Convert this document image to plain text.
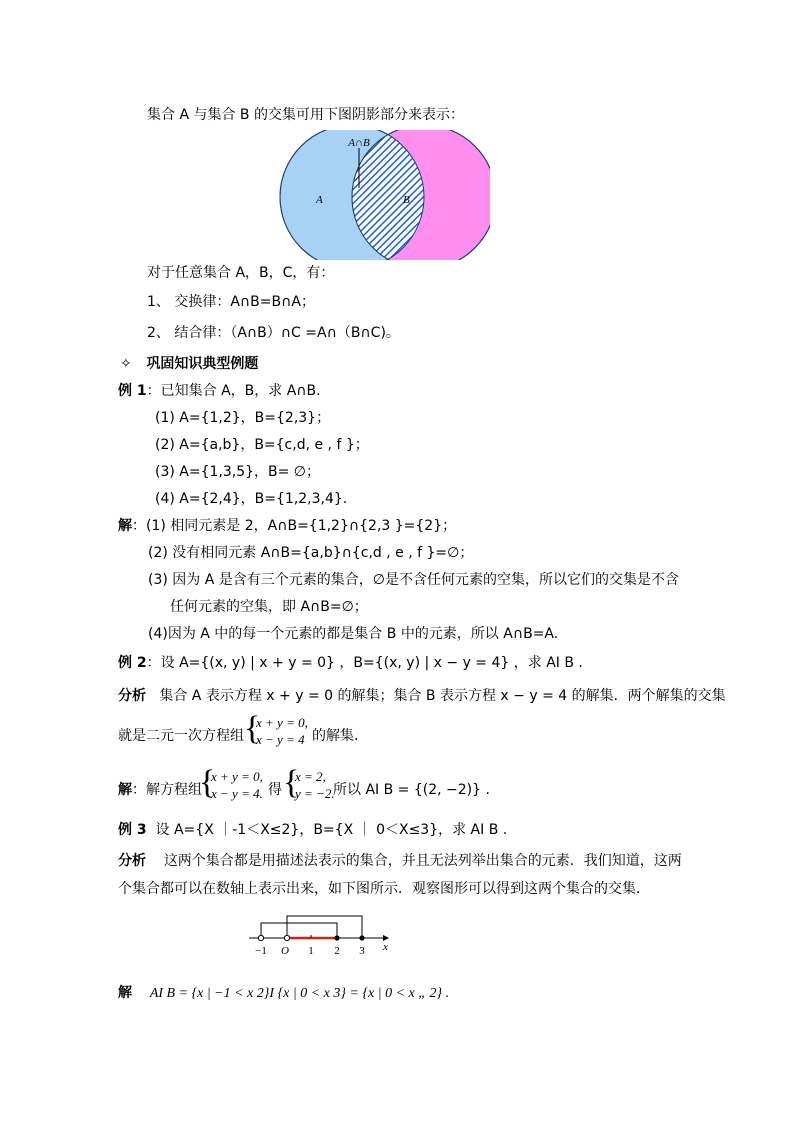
集合 A 与集合 B 的交集可用下图阴影部分来表示：
A∩B
A	B
对于任意集合 A，B，C，有：
1、 交换律：A∩B=B∩A；
2、 结合律：（A∩B）∩C =A∩（B∩C)。
✧ 巩固知识典型例题
例 1：已知集合 A，B，求 A∩B.
(1) A={1,2}，B={2,3}；
(2) A={a,b}，B={c,d, e , f }；
(3) A={1,3,5}，B= ∅；
(4) A={2,4}，B={1,2,3,4}.
解：(1) 相同元素是 2，A∩B={1,2}∩{2,3 }={2}；
(2) 没有相同元素 A∩B={a,b}∩{c,d , e , f }=∅；
(3) 因为 A 是含有三个元素的集合，∅是不含任何元素的空集，所以它们的交集是不含
任何元素的空集，即 A∩B=∅；
(4)因为 A 中的每一个元素的都是集合 B 中的元素，所以 A∩B=A.
例 2：设 A={(x, y) | x + y = 0} ，B={(x, y) | x − y = 4} ，求 AI B .
分析 集合 A 表示方程 x + y = 0 的解集；集合 B 表示方程 x − y = 4 的解集．两个解集的交集
就是二元一次方程组 {
x + y = 0,
x − y = 4 的解集.
解：解方程组
{
x + y = 0,
x − y = 4. 得 {
x = 2,
y = −2.
所以 AI B = {(2, −2)} .
例 3 设 A={X ｜-1＜X≤2}，B={X ｜ 0＜X≤3}，求 AI B .
分析 这两个集合都是用描述法表示的集合，并且无法列举出集合的元素．我们知道，这两
个集合都可以在数轴上表示出来，如下图所示．观察图形可以得到这两个集合的交集．
−1 O 1 2 3 x
解 AI B = {x | −1 < x 2}I {x | 0 < x 3} = {x | 0 < x „ 2} .
